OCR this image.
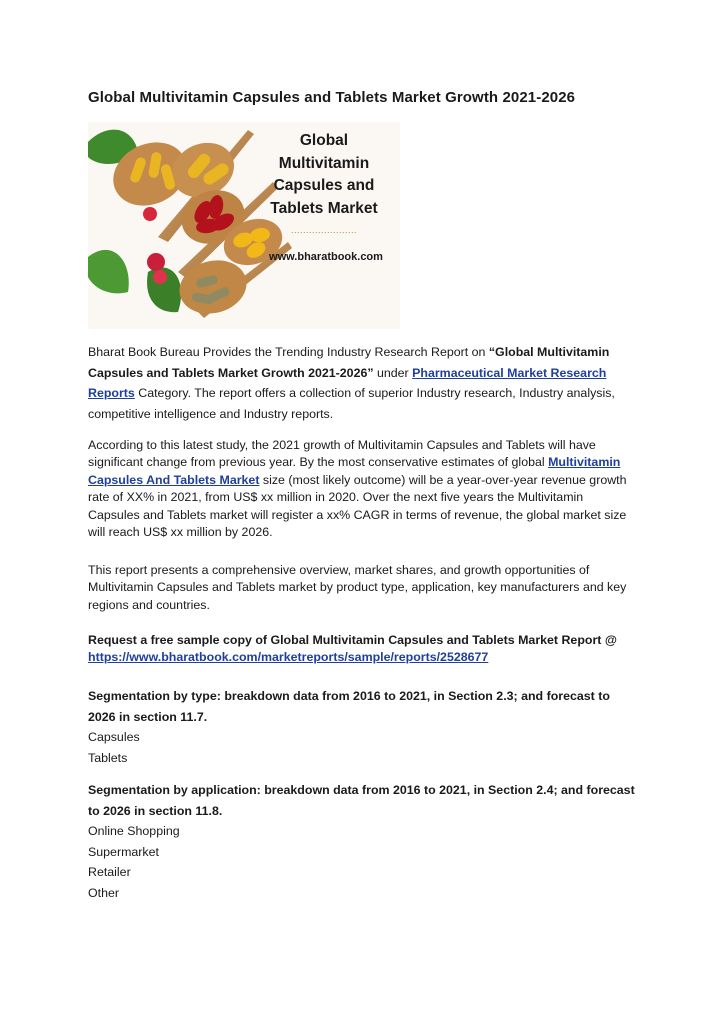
Global Multivitamin Capsules and Tablets Market Growth 2021-2026
Global
Multivitamin
Capsules and
Tablets Market
......................
www.bharatbook.com

Bharat Book Bureau Provides the Trending Industry Research Report on “Global Multivitamin Capsules and Tablets Market Growth 2021-2026” under Pharmaceutical Market Research Reports Category. The report offers a collection of superior Industry research, Industry analysis, competitive intelligence and Industry reports.

According to this latest study, the 2021 growth of Multivitamin Capsules and Tablets will have significant change from previous year. By the most conservative estimates of global Multivitamin Capsules And Tablets Market size (most likely outcome) will be a year-over-year revenue growth rate of XX% in 2021, from US$ xx million in 2020. Over the next five years the Multivitamin Capsules and Tablets market will register a xx% CAGR in terms of revenue, the global market size will reach US$ xx million by 2026.

This report presents a comprehensive overview, market shares, and growth opportunities of Multivitamin Capsules and Tablets market by product type, application, key manufacturers and key regions and countries.

Request a free sample copy of Global Multivitamin Capsules and Tablets Market Report @
https://www.bharatbook.com/marketreports/sample/reports/2528677

Segmentation by type: breakdown data from 2016 to 2021, in Section 2.3; and forecast to 2026 in section 11.7.

Capsules
Tablets

Segmentation by application: breakdown data from 2016 to 2021, in Section 2.4; and forecast to 2026 in section 11.8.

Online Shopping
Supermarket
Retailer
Other
